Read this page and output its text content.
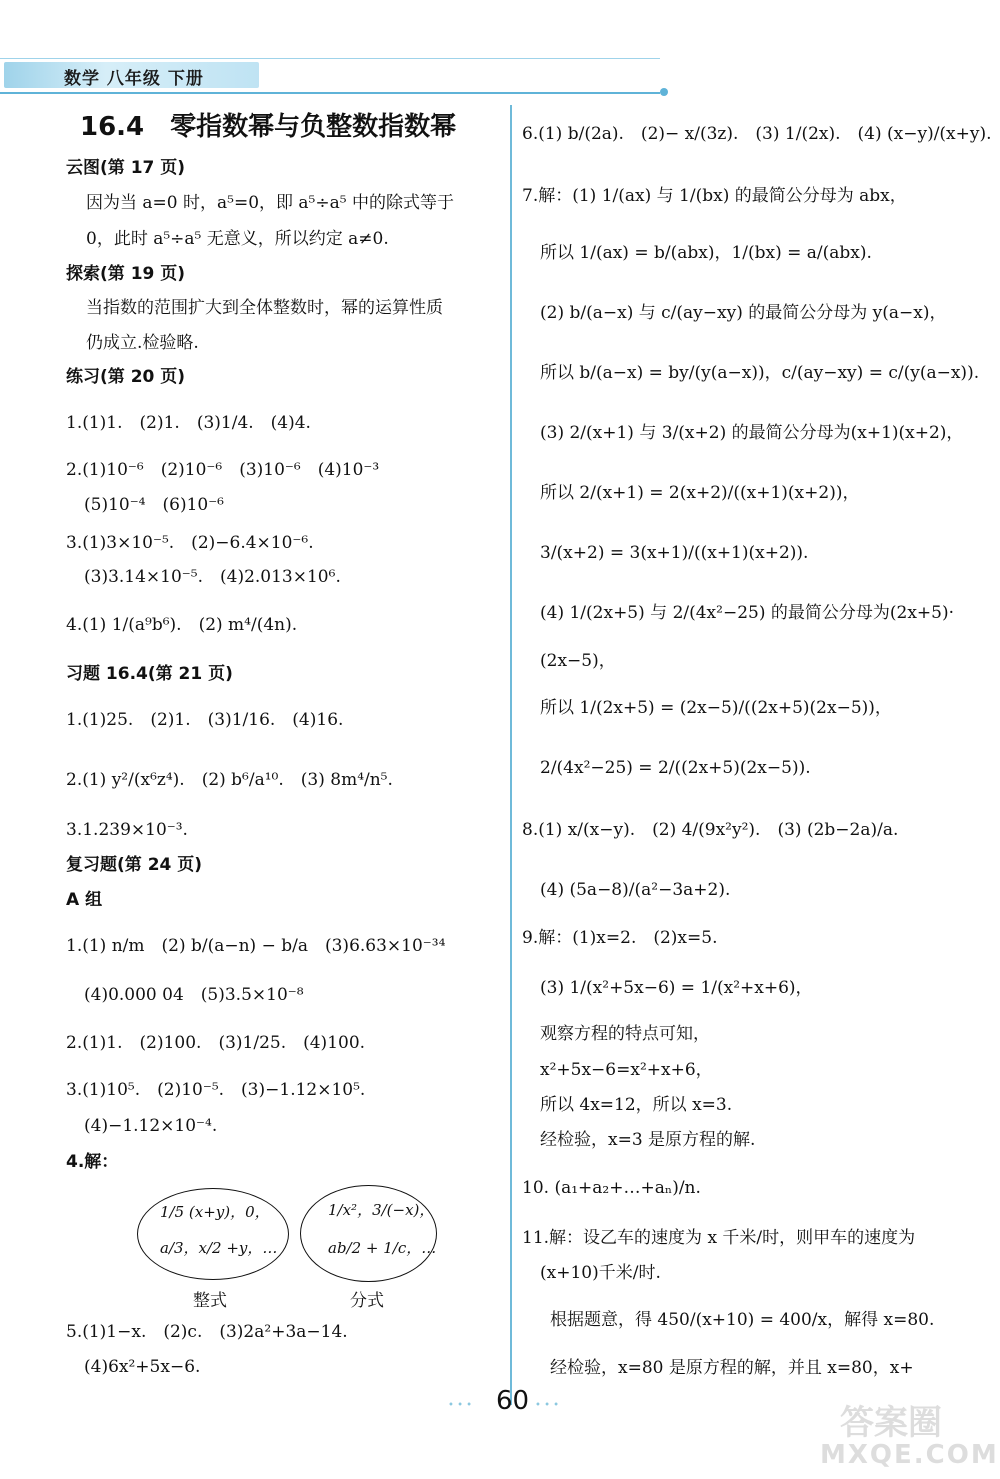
数学 八年级 下册
16.4　零指数幂与负整数指数幂
云图(第 17 页)
因为当 a=0 时，a⁵=0，即 a⁵÷a⁵ 中的除式等于
0，此时 a⁵÷a⁵ 无意义，所以约定 a≠0.
探索(第 19 页)
当指数的范围扩大到全体整数时，幂的运算性质
仍成立.检验略.
练习(第 20 页)
1.(1)1.　(2)1.　(3)1/4.　(4)4.
2.(1)10⁻⁶　(2)10⁻⁶　(3)10⁻⁶　(4)10⁻³
(5)10⁻⁴　(6)10⁻⁶
3.(1)3×10⁻⁵.　(2)−6.4×10⁻⁶.
(3)3.14×10⁻⁵.　(4)2.013×10⁶.
4.(1) 1/(a⁹b⁶).　(2) m⁴/(4n).
习题 16.4(第 21 页)
1.(1)25.　(2)1.　(3)1/16.　(4)16.
2.(1) y²/(x⁶z⁴).　(2) b⁶/a¹⁰.　(3) 8m⁴/n⁵.
3.1.239×10⁻³.
复习题(第 24 页)
A 组
1.(1) n/m　(2) b/(a−n) − b/a　(3)6.63×10⁻³⁴
(4)0.000 04　(5)3.5×10⁻⁸
2.(1)1.　(2)100.　(3)1/25.　(4)100.
3.(1)10⁵.　(2)10⁻⁵.　(3)−1.12×10⁵.
(4)−1.12×10⁻⁴.
4.解：
1/5 (x+y)，0，
a/3，x/2 +y，…
1/x²，3/(−x)，
ab/2 + 1/c，…
整式	分式
5.(1)1−x.　(2)c.　(3)2a²+3a−14.
(4)6x²+5x−6.
6.(1) b/(2a).　(2)− x/(3z).　(3) 1/(2x).　(4) (x−y)/(x+y).
7.解：(1) 1/(ax) 与 1/(bx) 的最简公分母为 abx，
所以 1/(ax) = b/(abx)，1/(bx) = a/(abx).
(2) b/(a−x) 与 c/(ay−xy) 的最简公分母为 y(a−x)，
所以 b/(a−x) = by/(y(a−x))，c/(ay−xy) = c/(y(a−x)).
(3) 2/(x+1) 与 3/(x+2) 的最简公分母为(x+1)(x+2)，
所以 2/(x+1) = 2(x+2)/((x+1)(x+2))，
3/(x+2) = 3(x+1)/((x+1)(x+2)).
(4) 1/(2x+5) 与 2/(4x²−25) 的最简公分母为(2x+5)·
(2x−5)，
所以 1/(2x+5) = (2x−5)/((2x+5)(2x−5))，
2/(4x²−25) = 2/((2x+5)(2x−5)).
8.(1) x/(x−y).　(2) 4/(9x²y²).　(3) (2b−2a)/a.
(4) (5a−8)/(a²−3a+2).
9.解：(1)x=2.　(2)x=5.
(3) 1/(x²+5x−6) = 1/(x²+x+6)，
观察方程的特点可知，
x²+5x−6=x²+x+6，
所以 4x=12，所以 x=3.
经检验，x=3 是原方程的解.
10. (a₁+a₂+…+aₙ)/n.
11.解：设乙车的速度为 x 千米/时，则甲车的速度为
(x+10)千米/时.
根据题意，得 450/(x+10) = 400/x，解得 x=80.
经检验，x=80 是原方程的解，并且 x=80，x+
• • • 60 • • •	答案圈
MXQE.COM
